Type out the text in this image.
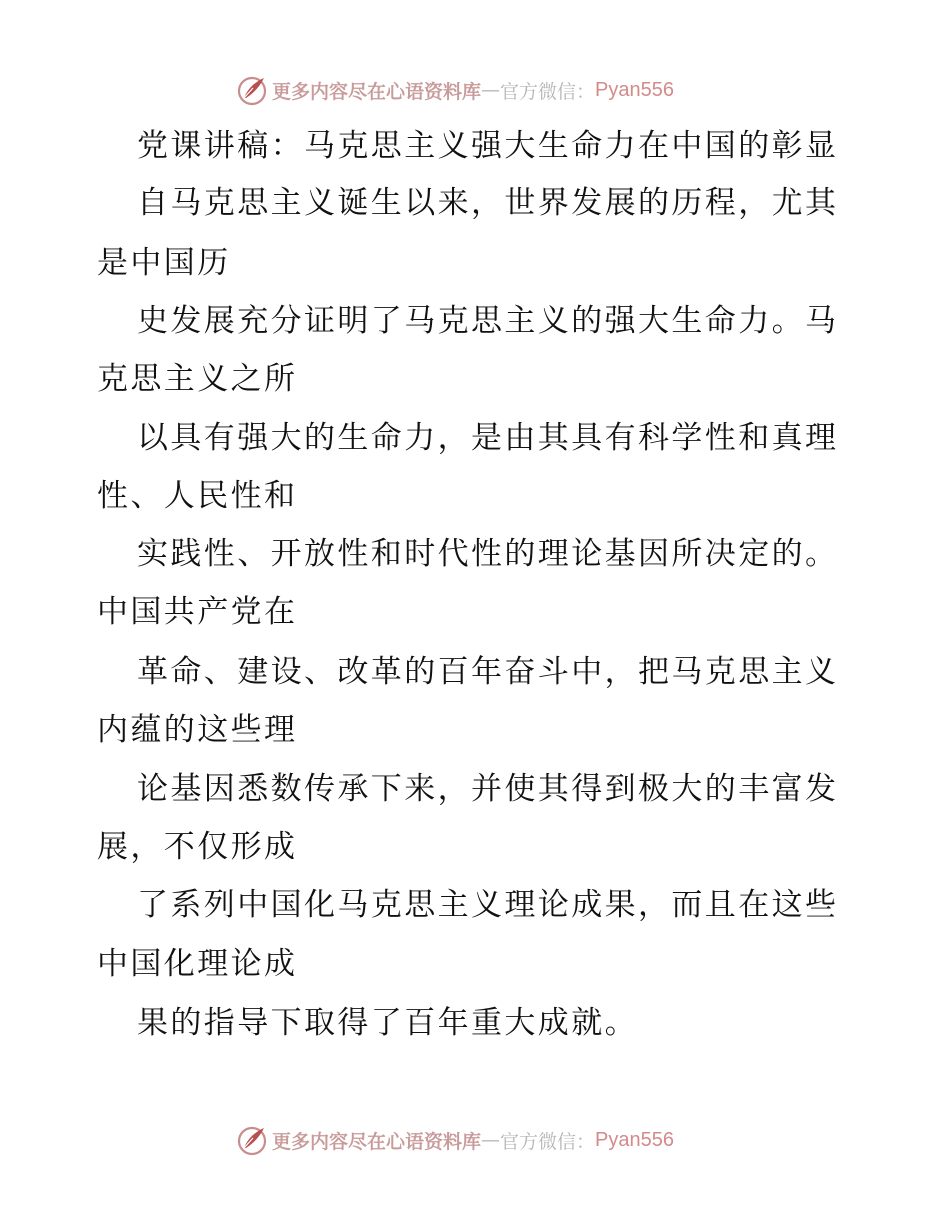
更多内容尽在心语资料库 — 官方微信： Pyan556
党课讲稿：马克思主义强大生命力在中国的彰显
自马克思主义诞生以来，世界发展的历程，尤其
是中国历
史发展充分证明了马克思主义的强大生命力。马
克思主义之所
以具有强大的生命力，是由其具有科学性和真理
性、人民性和
实践性、开放性和时代性的理论基因所决定的。
中国共产党在
革命、建设、改革的百年奋斗中，把马克思主义
内蕴的这些理
论基因悉数传承下来，并使其得到极大的丰富发
展，不仅形成
了系列中国化马克思主义理论成果，而且在这些
中国化理论成
果的指导下取得了百年重大成就。
更多内容尽在心语资料库 — 官方微信： Pyan556
